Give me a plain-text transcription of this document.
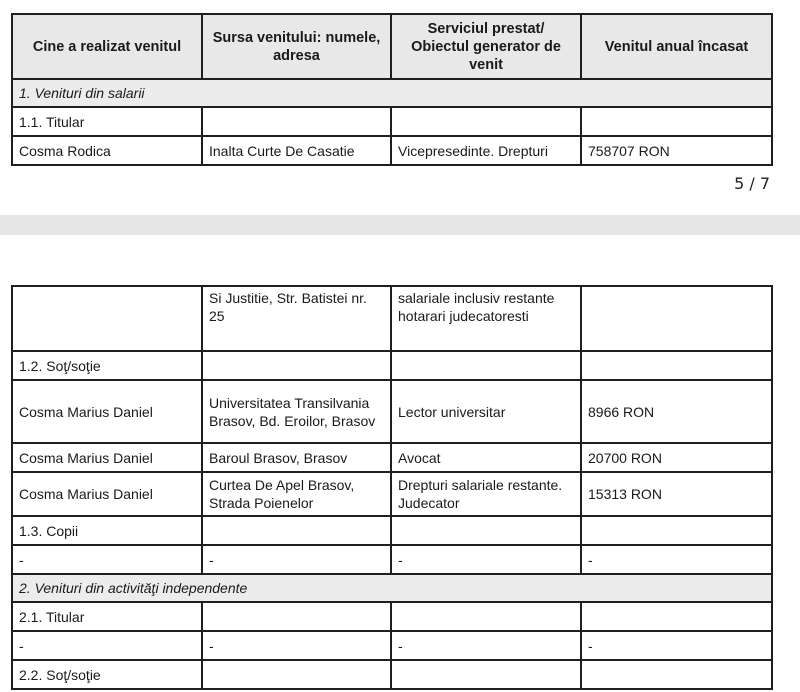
Cine a realizat venitul	Sursa venitului: numele, adresa	Serviciul prestat/ Obiectul generator de venit	Venitul anual încasat
1. Venituri din salarii			
1.1. Titular			
Cosma Rodica	Inalta Curte De Casatie	Vicepresedinte. Drepturi	758707 RON
5 / 7
	Si Justitie, Str. Batistei nr. 25	salariale inclusiv restante hotarari judecatoresti	
1.2. Soţ/soţie			
Cosma Marius Daniel	Universitatea Transilvania Brasov, Bd. Eroilor, Brasov	Lector universitar	8966 RON
Cosma Marius Daniel	Baroul Brasov, Brasov	Avocat	20700 RON
Cosma Marius Daniel	Curtea De Apel Brasov, Strada Poienelor	Drepturi salariale restante. Judecator	15313 RON
1.3. Copii			
-	-	-	-
2. Venituri din activităţi independente			
2.1. Titular			
-	-	-	-
2.2. Soţ/soţie			
